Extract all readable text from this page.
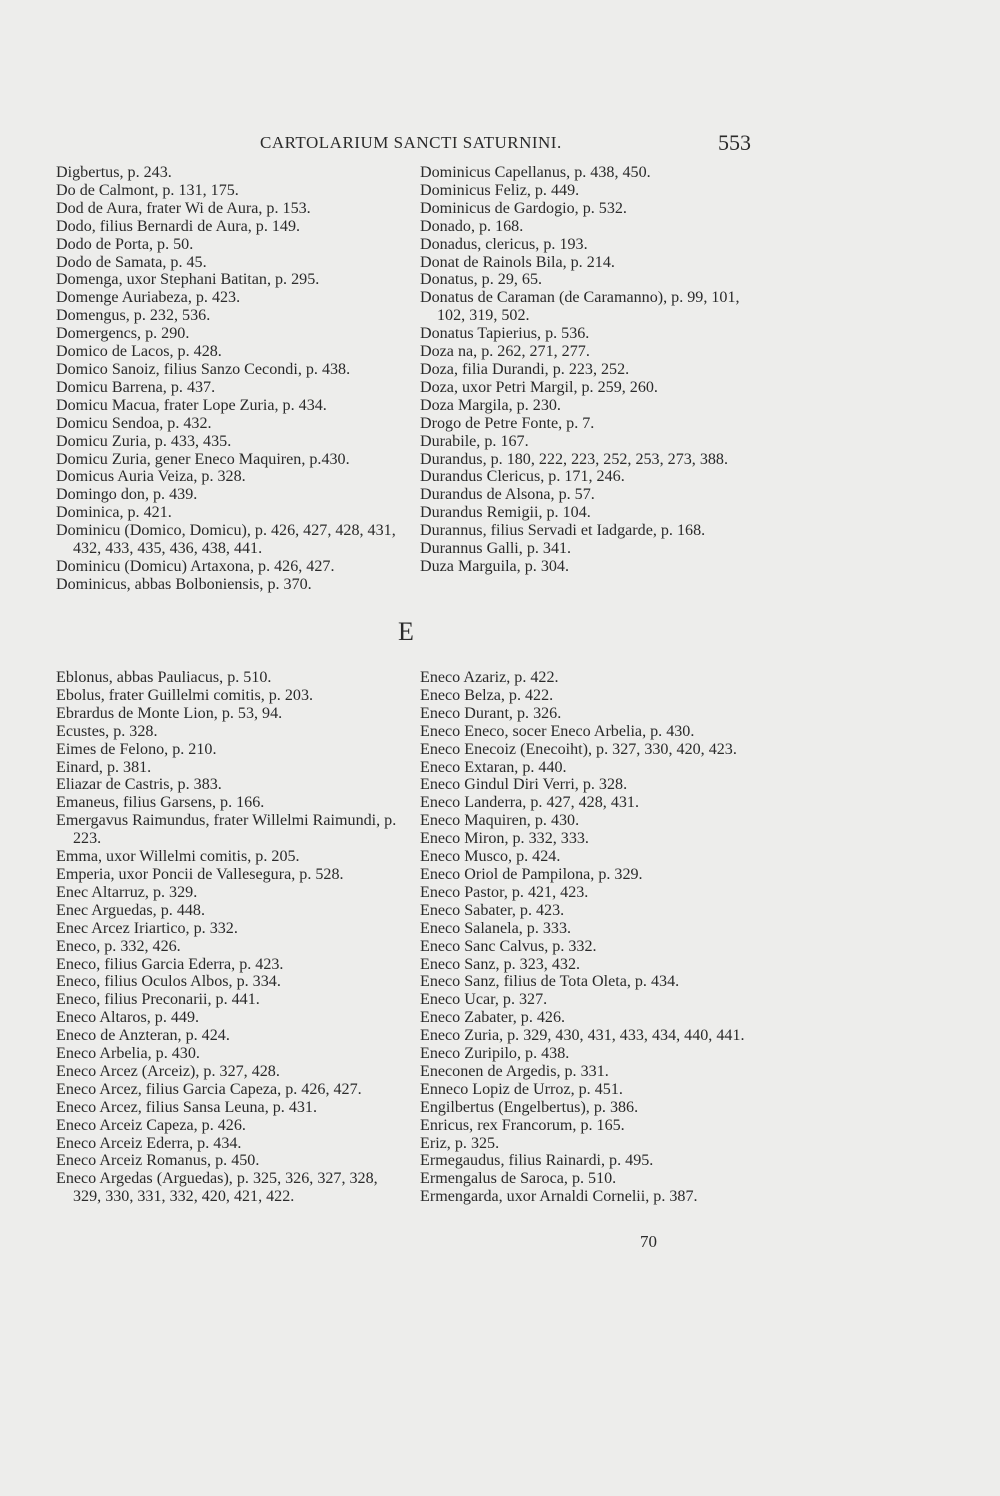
CARTOLARIUM SANCTI SATURNINI.	553

Digbertus, p. 243.

Do de Calmont, p. 131, 175.

Dod de Aura, frater Wi de Aura, p. 153.

Dodo, filius Bernardi de Aura, p. 149.

Dodo de Porta, p. 50.

Dodo de Samata, p. 45.

Domenga, uxor Stephani Batitan, p. 295.

Domenge Auriabeza, p. 423.

Domengus, p. 232, 536.

Domergencs, p. 290.

Domico de Lacos, p. 428.

Domico Sanoiz, filius Sanzo Cecondi, p. 438.

Domicu Barrena, p. 437.

Domicu Macua, frater Lope Zuria, p. 434.

Domicu Sendoa, p. 432.

Domicu Zuria, p. 433, 435.

Domicu Zuria, gener Eneco Maquiren, p.430.

Domicus Auria Veiza, p. 328.

Domingo don, p. 439.

Dominica, p. 421.

Dominicu (Domico, Domicu), p. 426, 427, 428, 431, 432, 433, 435, 436, 438, 441.

Dominicu (Domicu) Artaxona, p. 426, 427.

Dominicus, abbas Bolboniensis, p. 370.

Dominicus Capellanus, p. 438, 450.

Dominicus Feliz, p. 449.

Dominicus de Gardogio, p. 532.

Donado, p. 168.

Donadus, clericus, p. 193.

Donat de Rainols Bila, p. 214.

Donatus, p. 29, 65.

Donatus de Caraman (de Caramanno), p. 99, 101, 102, 319, 502.

Donatus Tapierius, p. 536.

Doza na, p. 262, 271, 277.

Doza, filia Durandi, p. 223, 252.

Doza, uxor Petri Margil, p. 259, 260.

Doza Margila, p. 230.

Drogo de Petre Fonte, p. 7.

Durabile, p. 167.

Durandus, p. 180, 222, 223, 252, 253, 273, 388.

Durandus Clericus, p. 171, 246.

Durandus de Alsona, p. 57.

Durandus Remigii, p. 104.

Durannus, filius Servadi et Iadgarde, p. 168.

Durannus Galli, p. 341.

Duza Marguila, p. 304.

E

Eblonus, abbas Pauliacus, p. 510.

Ebolus, frater Guillelmi comitis, p. 203.

Ebrardus de Monte Lion, p. 53, 94.

Ecustes, p. 328.

Eimes de Felono, p. 210.

Einard, p. 381.

Eliazar de Castris, p. 383.

Emaneus, filius Garsens, p. 166.

Emergavus Raimundus, frater Willelmi Raimundi, p. 223.

Emma, uxor Willelmi comitis, p. 205.

Emperia, uxor Poncii de Vallesegura, p. 528.

Enec Altarruz, p. 329.

Enec Arguedas, p. 448.

Enec Arcez Iriartico, p. 332.

Eneco, p. 332, 426.

Eneco, filius Garcia Ederra, p. 423.

Eneco, filius Oculos Albos, p. 334.

Eneco, filius Preconarii, p. 441.

Eneco Altaros, p. 449.

Eneco de Anzteran, p. 424.

Eneco Arbelia, p. 430.

Eneco Arcez (Arceiz), p. 327, 428.

Eneco Arcez, filius Garcia Capeza, p. 426, 427.

Eneco Arcez, filius Sansa Leuna, p. 431.

Eneco Arceiz Capeza, p. 426.

Eneco Arceiz Ederra, p. 434.

Eneco Arceiz Romanus, p. 450.

Eneco Argedas (Arguedas), p. 325, 326, 327, 328, 329, 330, 331, 332, 420, 421, 422.

Eneco Azariz, p. 422.

Eneco Belza, p. 422.

Eneco Durant, p. 326.

Eneco Eneco, socer Eneco Arbelia, p. 430.

Eneco Enecoiz (Enecoiht), p. 327, 330, 420, 423.

Eneco Extaran, p. 440.

Eneco Gindul Diri Verri, p. 328.

Eneco Landerra, p. 427, 428, 431.

Eneco Maquiren, p. 430.

Eneco Miron, p. 332, 333.

Eneco Musco, p. 424.

Eneco Oriol de Pampilona, p. 329.

Eneco Pastor, p. 421, 423.

Eneco Sabater, p. 423.

Eneco Salanela, p. 333.

Eneco Sanc Calvus, p. 332.

Eneco Sanz, p. 323, 432.

Eneco Sanz, filius de Tota Oleta, p. 434.

Eneco Ucar, p. 327.

Eneco Zabater, p. 426.

Eneco Zuria, p. 329, 430, 431, 433, 434, 440, 441.

Eneco Zuripilo, p. 438.

Eneconen de Argedis, p. 331.

Enneco Lopiz de Urroz, p. 451.

Engilbertus (Engelbertus), p. 386.

Enricus, rex Francorum, p. 165.

Eriz, p. 325.

Ermegaudus, filius Rainardi, p. 495.

Ermengalus de Saroca, p. 510.

Ermengarda, uxor Arnaldi Cornelii, p. 387.

70
